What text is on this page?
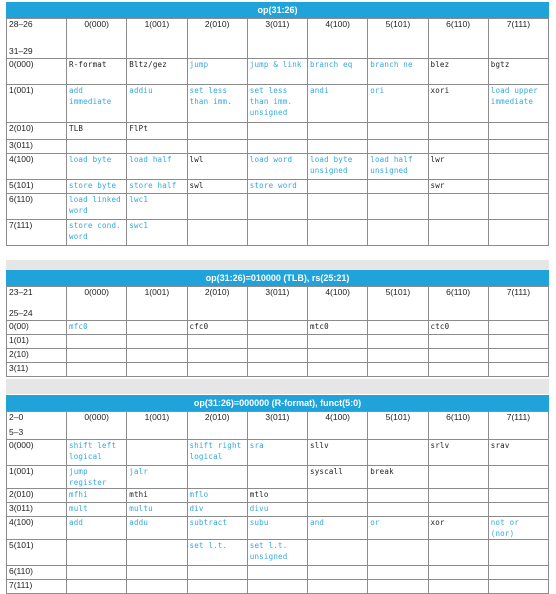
op(31:26)
28–26
31–29	0(000)	1(001)	2(010)	3(011)	4(100)	5(101)	6(110)	7(111)
0(000)	R-format	Bltz/gez	jump	jump & link	branch eq	branch ne	blez	bgtz
1(001)	add immediate	addiu	set less than imm.	set less than imm. unsigned	andi	ori	xori	load upper immediate
2(010)	TLB	FlPt						
3(011)								
4(100)	load byte	load half	lwl	load word	load byte unsigned	load half unsigned	lwr	
5(101)	store byte	store half	swl	store word			swr	
6(110)	load linked word	lwc1						
7(111)	store cond. word	swc1						
op(31:26)=010000 (TLB), rs(25:21)
23–21
25–24	0(000)	1(001)	2(010)	3(011)	4(100)	5(101)	6(110)	7(111)
0(00)	mfc0		cfc0		mtc0		ctc0	
1(01)								
2(10)								
3(11)								
op(31:26)=000000 (R-format), funct(5:0)
2–0
5–3	0(000)	1(001)	2(010)	3(011)	4(100)	5(101)	6(110)	7(111)
0(000)	shift left logical		shift right logical	sra	sllv		srlv	srav
1(001)	jump register	jalr			syscall	break		
2(010)	mfhi	mthi	mflo	mtlo				
3(011)	mult	multu	div	divu				
4(100)	add	addu	subtract	subu	and	or	xor	not or (nor)
5(101)			set l.t.	set l.t. unsigned				
6(110)								
7(111)								
